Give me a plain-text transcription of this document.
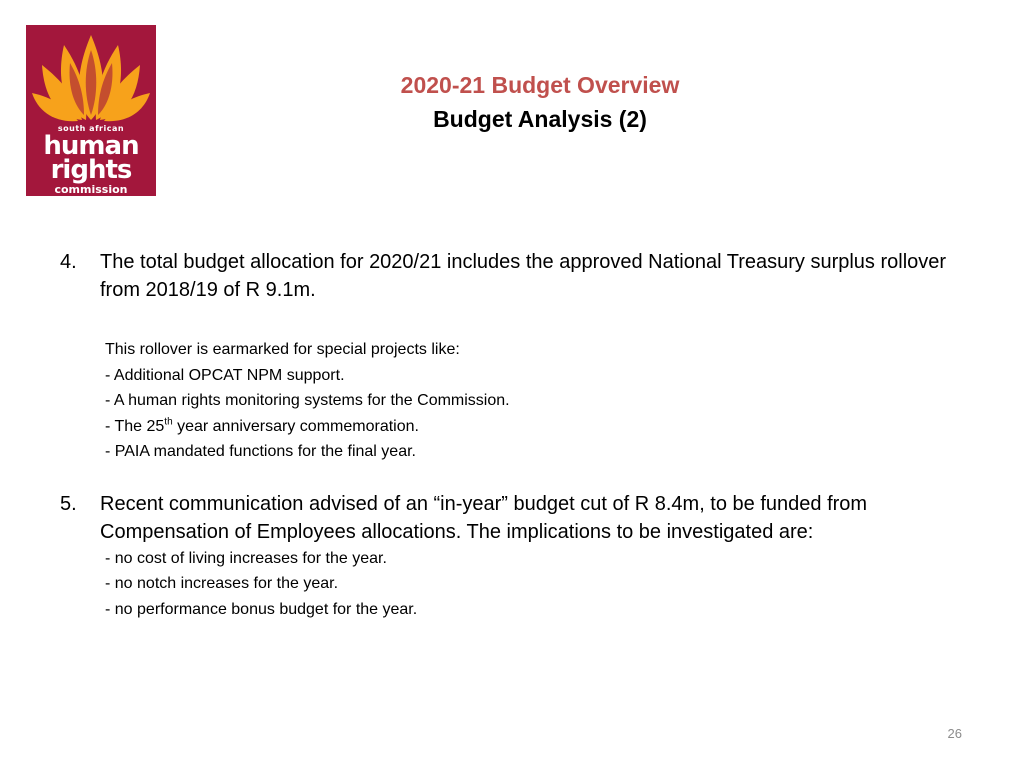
south african
human
rights
commission
2020-21 Budget Overview
Budget Analysis (2)
4.	The total budget allocation for 2020/21 includes the approved National Treasury surplus rollover from 2018/19 of R 9.1m.
This rollover is earmarked for special projects like:
- Additional OPCAT NPM support.
- A human rights monitoring systems for the Commission.
- The 25th year anniversary commemoration.
- PAIA mandated functions for the final year.
5.	Recent communication advised of an “in-year” budget cut of R 8.4m, to be funded from Compensation of Employees allocations. The implications to be investigated are:
- no cost of living increases for the year.
- no notch increases for the year.
- no performance bonus budget for the year.
26
